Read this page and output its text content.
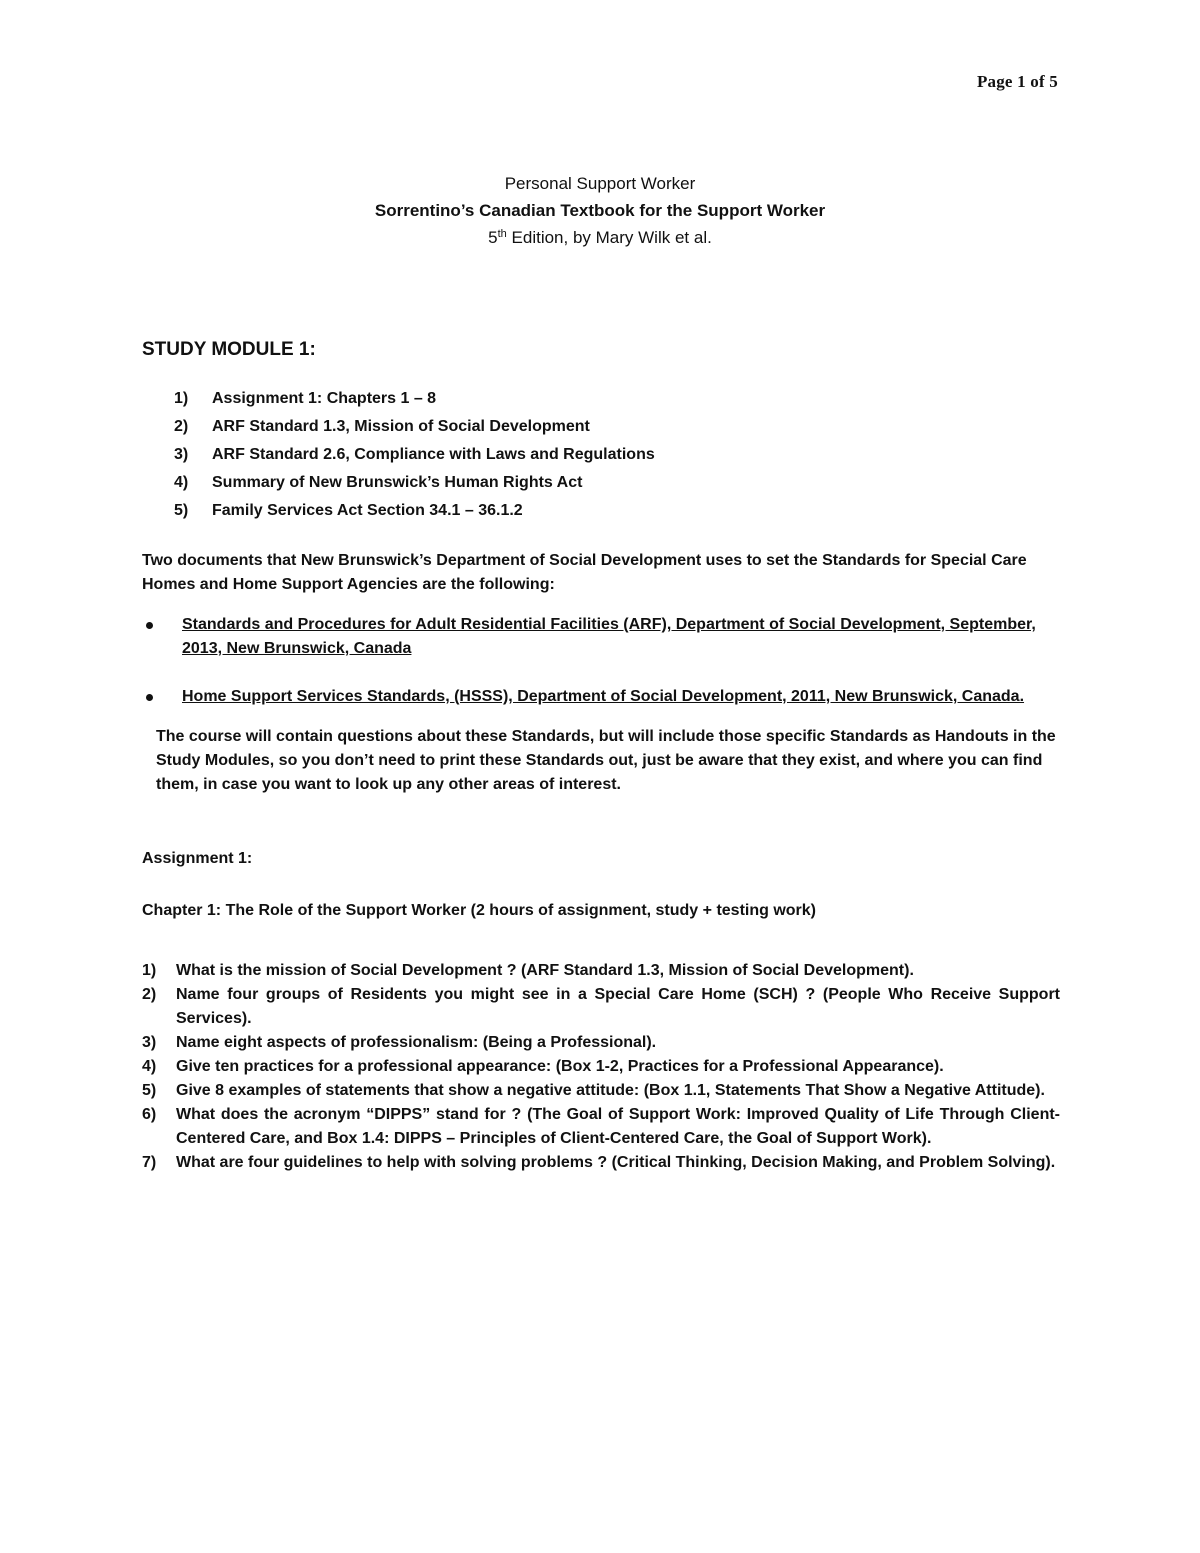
Page 1 of 5
Personal Support Worker
Sorrentino’s Canadian Textbook for the Support Worker
5th Edition, by Mary Wilk et al.
STUDY MODULE 1:
1) Assignment 1: Chapters 1 – 8
2) ARF Standard 1.3, Mission of Social Development
3) ARF Standard 2.6, Compliance with Laws and Regulations
4) Summary of New Brunswick’s Human Rights Act
5) Family Services Act Section 34.1 – 36.1.2
Two documents that New Brunswick’s Department of Social Development uses to set the Standards for Special Care Homes and Home Support Agencies are the following:
Standards and Procedures for Adult Residential Facilities (ARF), Department of Social Development, September, 2013, New Brunswick, Canada
Home Support Services Standards, (HSSS), Department of Social Development, 2011, New Brunswick, Canada.
The course will contain questions about these Standards, but will include those specific Standards as Handouts in the Study Modules, so you don’t need to print these Standards out, just be aware that they exist, and where you can find them, in case you want to look up any other areas of interest.
Assignment 1:
Chapter 1: The Role of the Support Worker (2 hours of assignment, study + testing work)
1) What is the mission of Social Development ? (ARF Standard 1.3, Mission of Social Development).
2) Name four groups of Residents you might see in a Special Care Home (SCH) ? (People Who Receive Support Services).
3) Name eight aspects of professionalism: (Being a Professional).
4) Give ten practices for a professional appearance: (Box 1-2, Practices for a Professional Appearance).
5) Give 8 examples of statements that show a negative attitude: (Box 1.1, Statements That Show a Negative Attitude).
6) What does the acronym “DIPPS” stand for ? (The Goal of Support Work: Improved Quality of Life Through Client-Centered Care, and Box 1.4: DIPPS – Principles of Client-Centered Care, the Goal of Support Work).
7) What are four guidelines to help with solving problems ? (Critical Thinking, Decision Making, and Problem Solving).
